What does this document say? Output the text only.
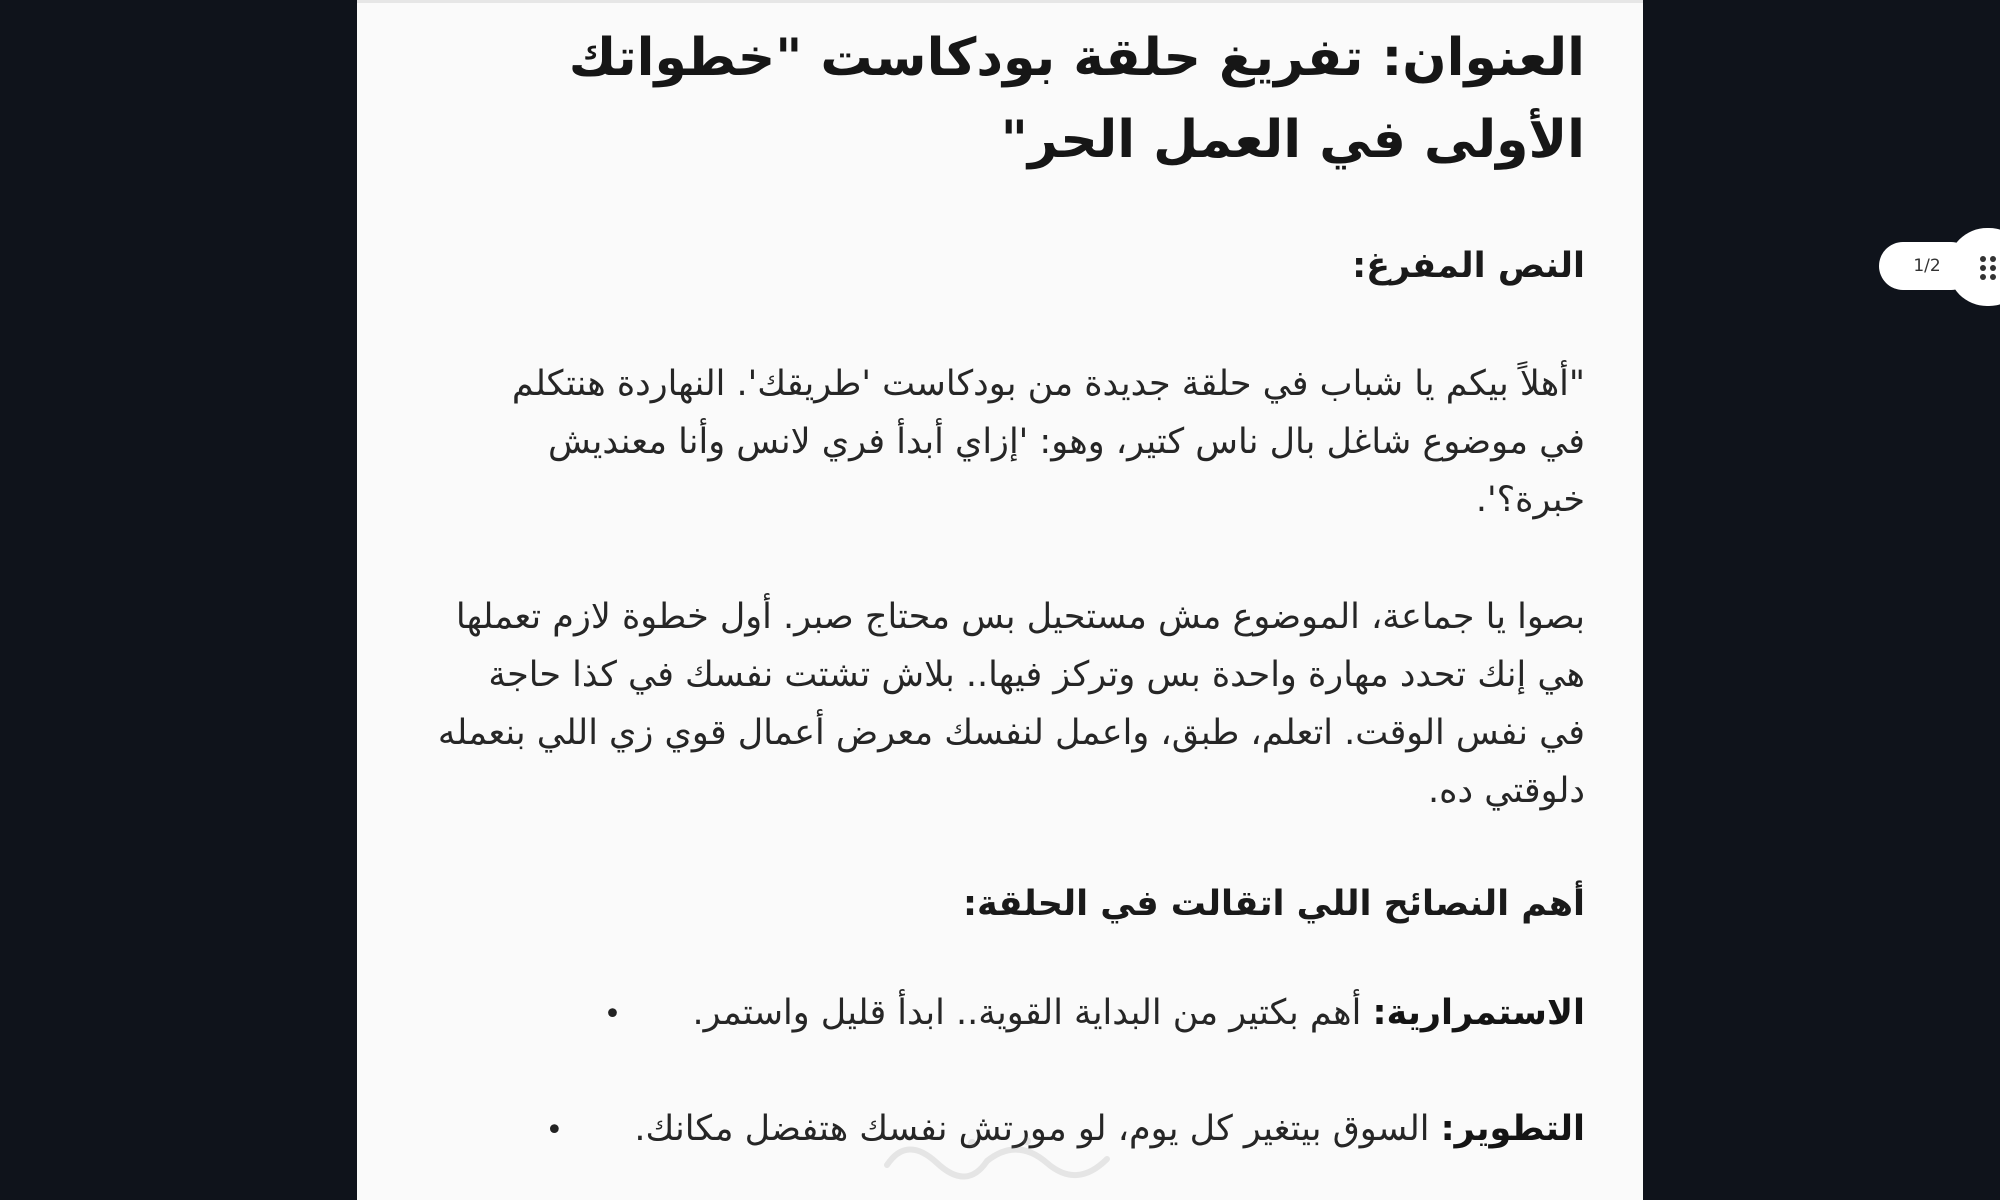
العنوان: تفريغ حلقة بودكاست "خطواتك الأولى في العمل الحر"

النص المفرغ:

"أهلاً بيكم يا شباب في حلقة جديدة من بودكاست 'طريقك'. النهاردة هنتكلم في موضوع شاغل بال ناس كتير، وهو: 'إزاي أبدأ فري لانس وأنا معنديش خبرة؟'.

بصوا يا جماعة، الموضوع مش مستحيل بس محتاج صبر. أول خطوة لازم تعملها هي إنك تحدد مهارة واحدة بس وتركز فيها.. بلاش تشتت نفسك في كذا حاجة في نفس الوقت. اتعلم، طبق، واعمل لنفسك معرض أعمال قوي زي اللي بنعمله دلوقتي ده.

أهم النصائح اللي اتقالت في الحلقة:

الاستمرارية: أهم بكتير من البداية القوية.. ابدأ قليل واستمر. •
التطوير: السوق بيتغير كل يوم، لو مورتش نفسك هتفضل مكانك. •
1/2
